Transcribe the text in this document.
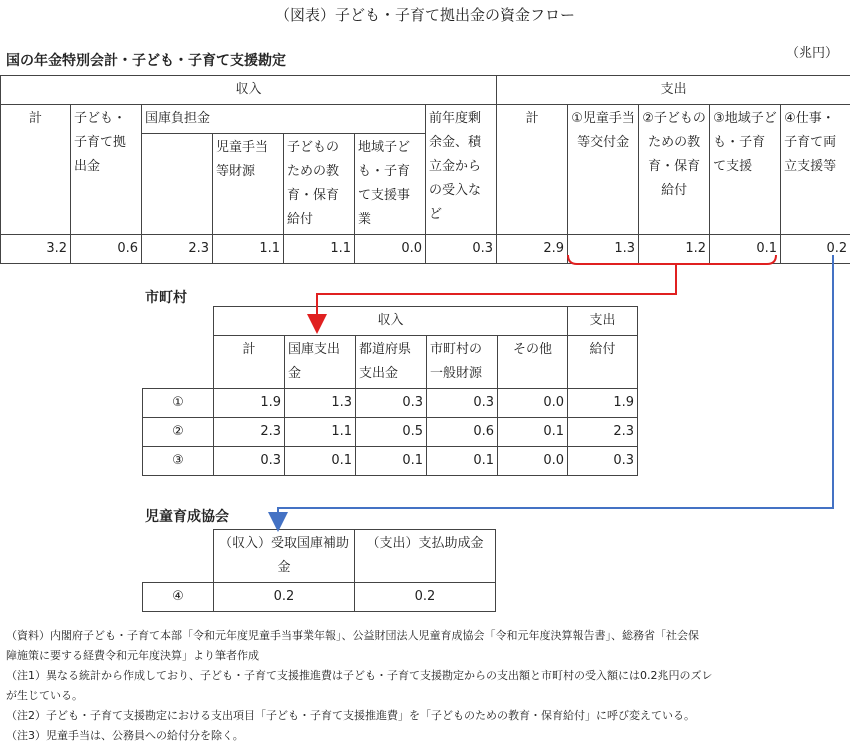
（図表）子ども・子育て拠出金の資金フロー
（兆円）
国の年金特別会計・子ども・子育て支援勘定
収入							支出				
計	子ども・子育て拠出金	国庫負担金				前年度剰余金、積立金からの受入など	計	①児童手当等交付金	②子どものための教育・保育給付	③地域子ども・子育て支援	④仕事・子育て両立支援等
			児童手当等財源	子どものための教育・保育給付	地域子ども・子育て支援事業						
3.2	0.6	2.3	1.1	1.1	0.0	0.3	2.9	1.3	1.2	0.1	0.2
市町村
	収入					支出
	計	国庫支出金	都道府県支出金	市町村の一般財源	その他	給付
①	1.9	1.3	0.3	0.3	0.0	1.9
②	2.3	1.1	0.5	0.6	0.1	2.3
③	0.3	0.1	0.1	0.1	0.0	0.3
児童育成協会
	（収入）受取国庫補助金	（支出）支払助成金
④	0.2	0.2
（資料）内閣府子ども・子育て本部「令和元年度児童手当事業年報」、公益財団法人児童育成協会「令和元年度決算報告書」、総務省「社会保
障施策に要する経費令和元年度決算」より筆者作成
（注1）異なる統計から作成しており、子ども・子育て支援推進費は子ども・子育て支援勘定からの支出額と市町村の受入額には0.2兆円のズレ
が生じている。
（注2）子ども・子育て支援勘定における支出項目「子ども・子育て支援推進費」を「子どものための教育・保育給付」に呼び変えている。
（注3）児童手当は、公務員への給付分を除く。
